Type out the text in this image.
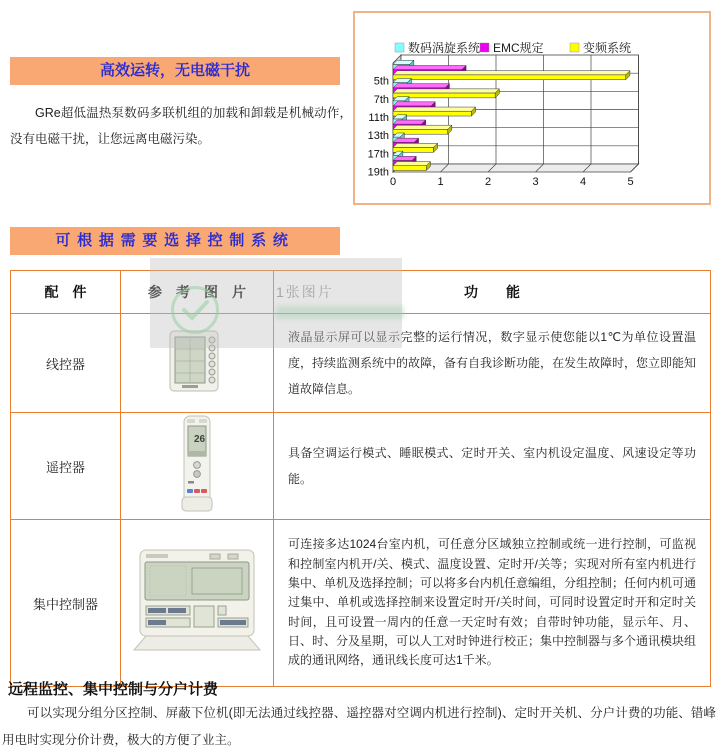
数码涡旋系统 EMC规定	变频系统
5th
7th
11th
13th
17th
19th
0	1	2	3	4	5
高效运转，无电磁干扰
GRe超低温热泵数码多联机组的加载和卸载是机械动作，没有电磁干扰，让您远离电磁污染。
可根据需要选择控制系统
配　件	参　考　图　片	功　　能
线控器		液晶显示屏可以显示完整的运行情况，数字显示使您能以1℃为单位设置温度，持续监测系统中的故障，备有自我诊断功能，在发生故障时，您立即能知道故障信息。
遥控器	26	具备空调运行模式、睡眠模式、定时开关、室内机设定温度、风速设定等功能。
集中控制器		可连接多达1024台室内机，可任意分区域独立控制或统一进行控制，可监视和控制室内机开/关、模式、温度设置、定时开/关等；实现对所有室内机进行集中、单机及选择控制；可以将多台内机任意编组，分组控制；任何内机可通过集中、单机或选择控制来设置定时开/关时间，可同时设置定时开和定时关时间，且可设置一周内的任意一天定时有效；自带时钟功能，显示年、月、日、时、分及星期，可以人工对时钟进行校正；集中控制器与多个通讯模块组成的通讯网络，通讯线长度可达1千米。
1张图片
远程监控、集中控制与分户计费
可以实现分组分区控制、屏蔽下位机(即无法通过线控器、遥控器对空调内机进行控制)、定时开关机、分户计费的功能、错峰用电时实现分价计费，极大的方便了业主。
